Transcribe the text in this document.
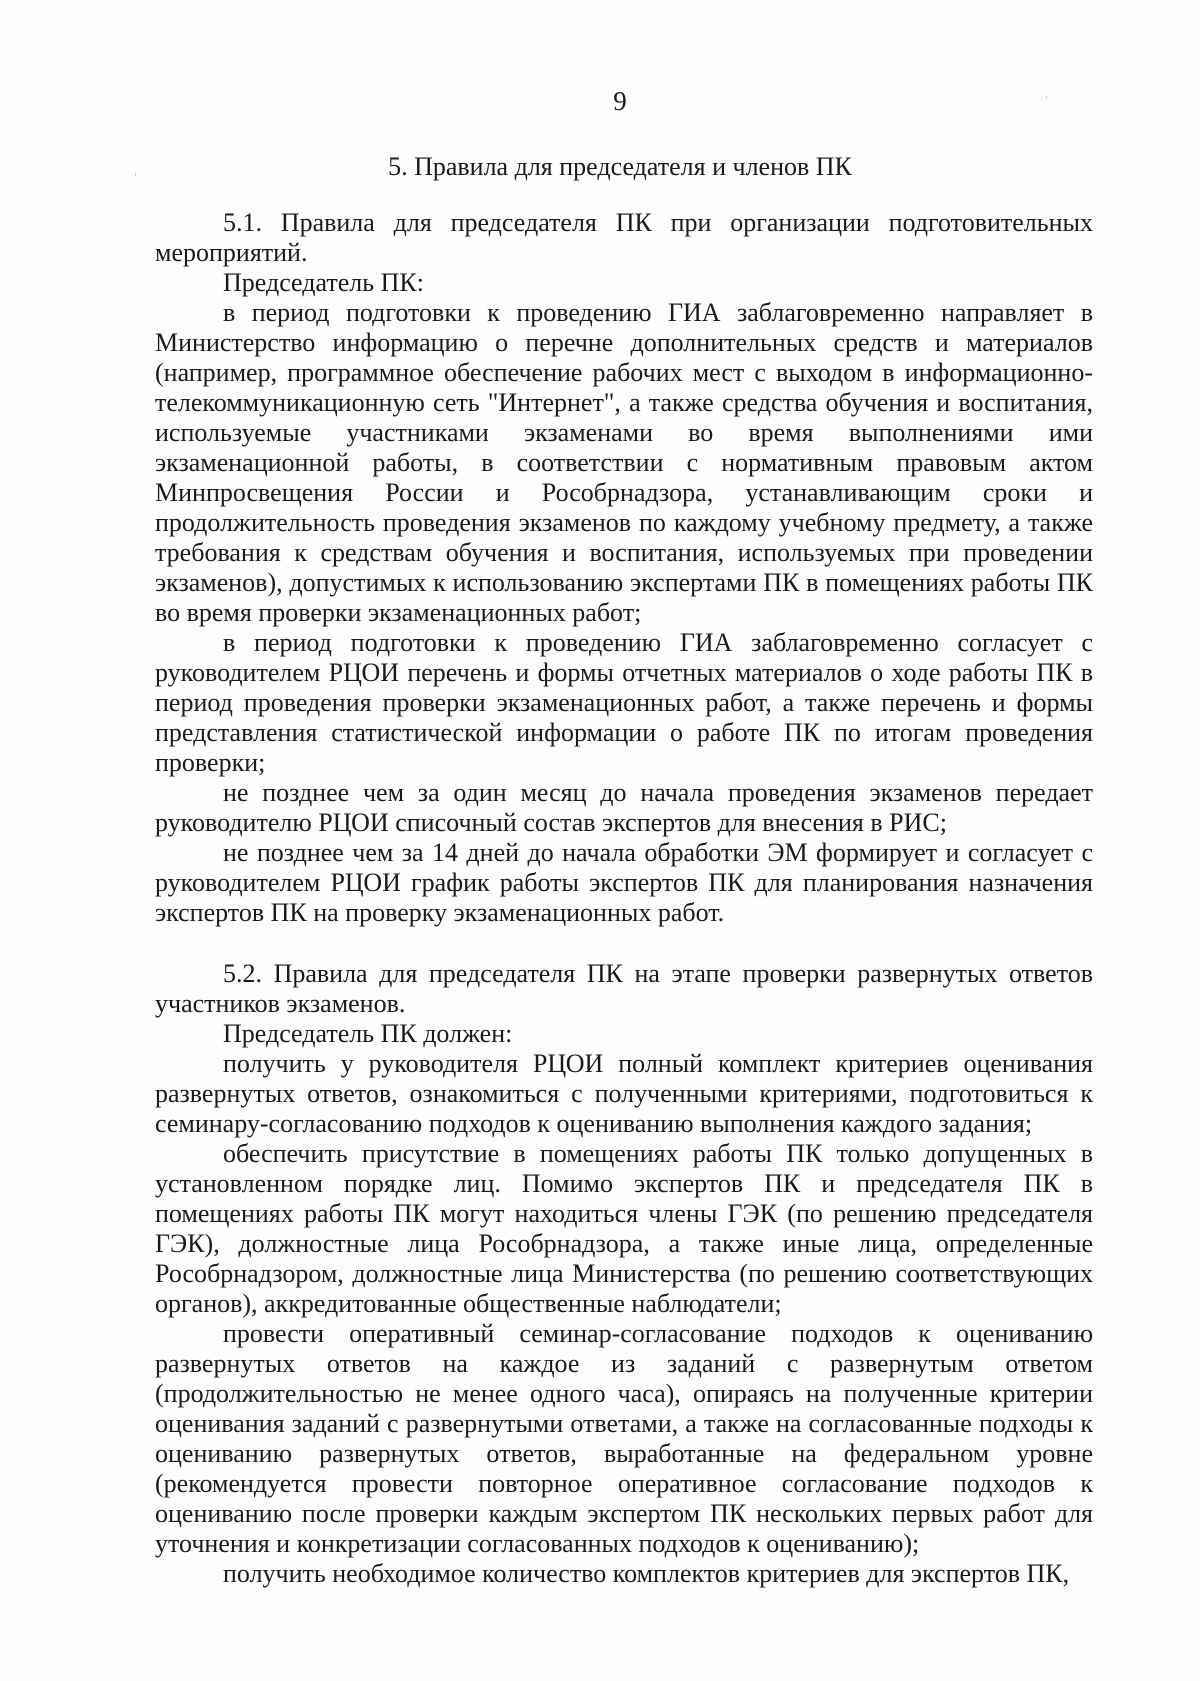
9
5. Правила для председателя и членов ПК

5.1. Правила для председателя ПК при организации подготовительных мероприятий.

Председатель ПК:

в период подготовки к проведению ГИА заблаговременно направляет в Министерство информацию о перечне дополнительных средств и материалов (например, программное обеспечение рабочих мест с выходом в информационно-телекоммуникационную сеть "Интернет", а также средства обучения и воспитания, используемые участниками экзаменами во время выполнениями ими экзаменационной работы, в соответствии с нормативным правовым актом Минпросвещения России и Рособрнадзора, устанавливающим сроки и продолжительность проведения экзаменов по каждому учебному предмету, а также требования к средствам обучения и воспитания, используемых при проведении экзаменов), допустимых к использованию экспертами ПК в помещениях работы ПК во время проверки экзаменационных работ;

в период подготовки к проведению ГИА заблаговременно согласует с руководителем РЦОИ перечень и формы отчетных материалов о ходе работы ПК в период проведения проверки экзаменационных работ, а также перечень и формы представления статистической информации о работе ПК по итогам проведения проверки;

не позднее чем за один месяц до начала проведения экзаменов передает руководителю РЦОИ списочный состав экспертов для внесения в РИС;

не позднее чем за 14 дней до начала обработки ЭМ формирует и согласует с руководителем РЦОИ график работы экспертов ПК для планирования назначения экспертов ПК на проверку экзаменационных работ.

5.2. Правила для председателя ПК на этапе проверки развернутых ответов участников экзаменов.

Председатель ПК должен:

получить у руководителя РЦОИ полный комплект критериев оценивания развернутых ответов, ознакомиться с полученными критериями, подготовиться к семинару-согласованию подходов к оцениванию выполнения каждого задания;

обеспечить присутствие в помещениях работы ПК только допущенных в установленном порядке лиц. Помимо экспертов ПК и председателя ПК в помещениях работы ПК могут находиться члены ГЭК (по решению председателя ГЭК), должностные лица Рособрнадзора, а также иные лица, определенные Рособрнадзором, должностные лица Министерства (по решению соответствующих органов), аккредитованные общественные наблюдатели;

провести оперативный семинар-согласование подходов к оцениванию развернутых ответов на каждое из заданий с развернутым ответом (продолжительностью не менее одного часа), опираясь на полученные критерии оценивания заданий с развернутыми ответами, а также на согласованные подходы к оцениванию развернутых ответов, выработанные на федеральном уровне (рекомендуется провести повторное оперативное согласование подходов к оцениванию после проверки каждым экспертом ПК нескольких первых работ для уточнения и конкретизации согласованных подходов к оцениванию);

получить необходимое количество комплектов критериев для экспертов ПК,
